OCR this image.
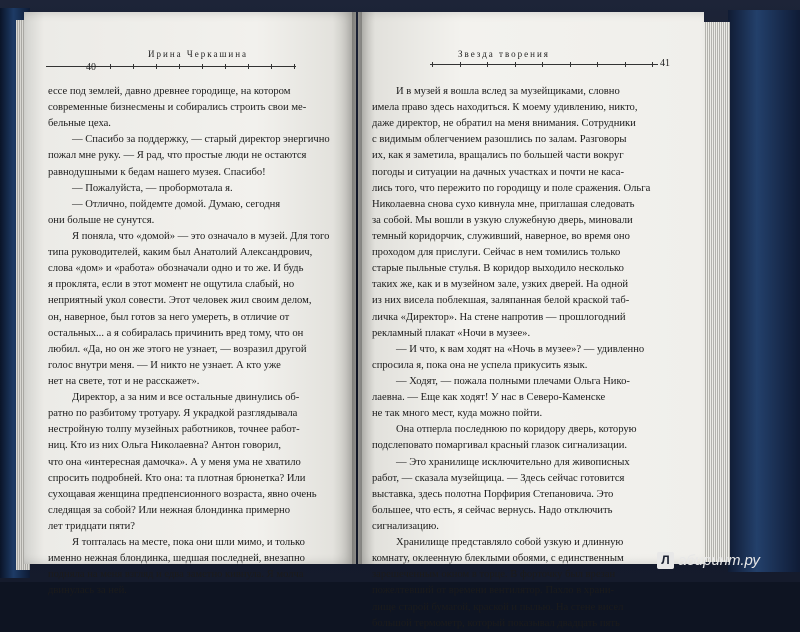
Ирина Черкашина
40
Звезда творения
41
ессе под землей, давно древнее городище, на котором
современные бизнесмены и собирались строить свои ме-
бельные цеха.
— Спасибо за поддержку, — старый директор энергично
пожал мне руку. — Я рад, что простые люди не остаются
равнодушными к бедам нашего музея. Спасибо!
— Пожалуйста, — пробормотала я.
— Отлично, пойдемте домой. Думаю, сегодня
они больше не сунутся.
Я поняла, что «домой» — это означало в музей. Для того
типа руководителей, каким был Анатолий Александрович,
слова «дом» и «работа» обозначали одно и то же. И будь
я проклята, если в этот момент не ощутила слабый, но
неприятный укол совести. Этот человек жил своим делом,
он, наверное, был готов за него умереть, в отличие от
остальных... а я собиралась причинить вред тому, что он
любил. «Да, но он же этого не узнает, — возразил другой
голос внутри меня. — И никто не узнает. А кто уже
нет на свете, тот и не расскажет».
Директор, а за ним и все остальные двинулись об-
ратно по разбитому тротуару. Я украдкой разглядывала
нестройную толпу музейных работников, точнее работ-
ниц. Кто из них Ольга Николаевна? Антон говорил,
что она «интересная дамочка». А у меня ума не хватило
спросить подробней. Кто она: та плотная брюнетка? Или
сухощавая женщина предпенсионного возраста, явно очень
следящая за собой? Или нежная блондинка примерно
лет тридцати пяти?
Я топталась на месте, пока они шли мимо, и только
именно нежная блондинка, шедшая последней, внезапно
подняла на меня взгляд и едва заметно кивнула. Я молча
двинулась за ней.
И в музей я вошла вслед за музейщиками, словно
имела право здесь находиться. К моему удивлению, никто,
даже директор, не обратил на меня внимания. Сотрудники
с видимым облегчением разошлись по залам. Разговоры
их, как я заметила, вращались по большей части вокруг
погоды и ситуации на дачных участках и почти не каса-
лись того, что пережито по городищу и поле сражения. Ольга
Николаевна снова сухо кивнула мне, приглашая следовать
за собой. Мы вошли в узкую служебную дверь, миновали
темный коридорчик, служивший, наверное, во время оно
проходом для прислуги. Сейчас в нем томились только
старые пыльные стулья. В коридор выходило несколько
таких же, как и в музейном зале, узких дверей. На одной
из них висела поблекшая, заляпанная белой краской таб-
личка «Директор». На стене напротив — прошлогодний
рекламный плакат «Ночи в музее».
— И что, к вам ходят на «Ночь в музее»? — удивленно
спросила я, пока она не успела прикусить язык.
— Ходят, — пожала полными плечами Ольга Нико-
лаевна. — Еще как ходят! У нас в Северо-Каменске
не так много мест, куда можно пойти.
Она отперла последнюю по коридору дверь, которую
подслеповато помаргивал красный глазок сигнализации.
— Это хранилище исключительно для живописных
работ, — сказала музейщица. — Здесь сейчас готовится
выставка, здесь полотна Порфирия Степановича. Это
большее, что есть, я сейчас вернусь. Надо отключить
сигнализацию.
Хранилище представляло собой узкую и длинную
комнату, оклеенную блеклыми обоями, с единственным
зарешеченным окном в торце. В форточку был врезан
пожелтевший от времени вентилятор. Пахло в храни-
лище старой бумагой, краской и пылью. На стене висел
большой термометр, который показывал двадцать пять
Л абиринт.ру
